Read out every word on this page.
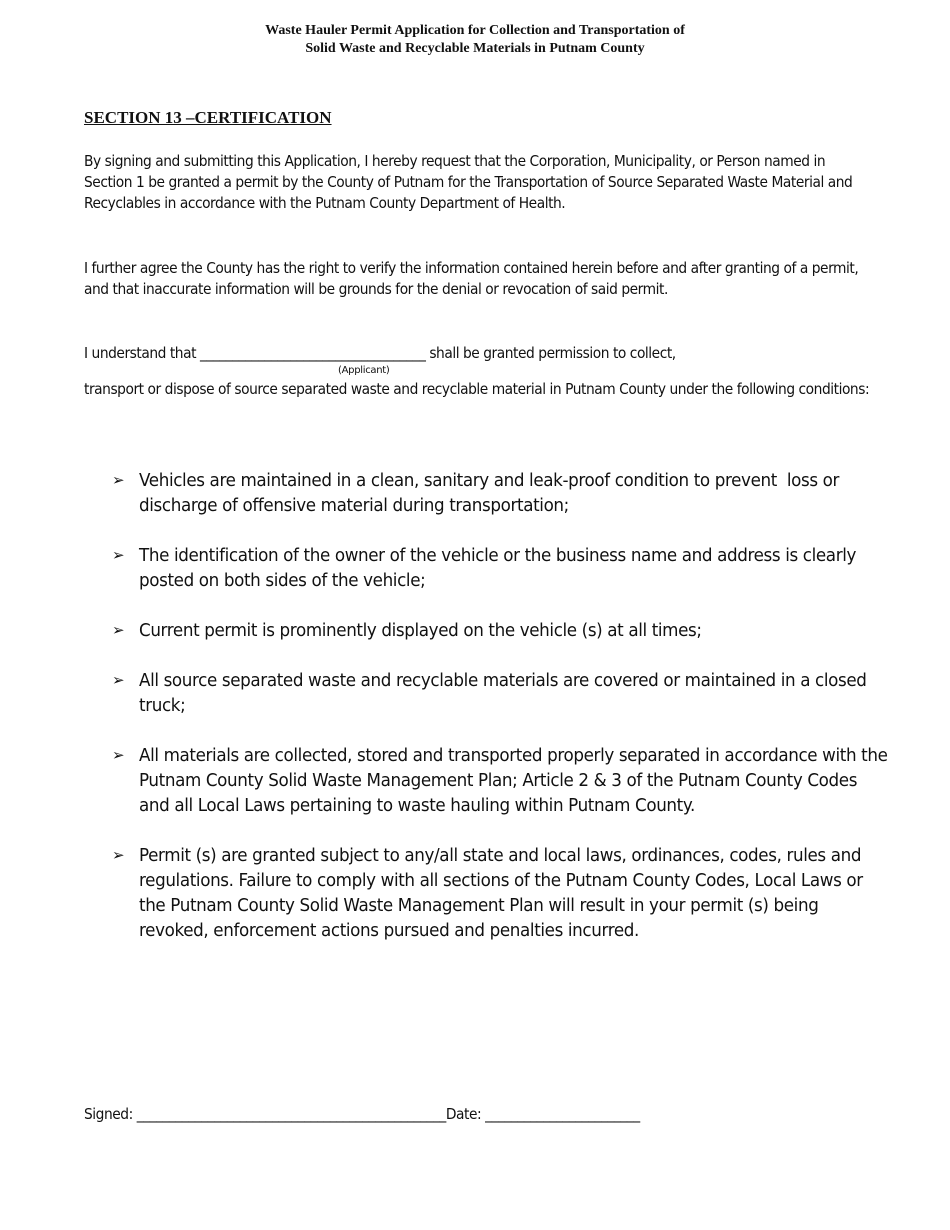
Waste Hauler Permit Application for Collection and Transportation of
Solid Waste and Recyclable Materials in Putnam County
SECTION 13 –CERTIFICATION
By signing and submitting this Application, I hereby request that the Corporation, Municipality, or Person named in Section 1 be granted a permit by the County of Putnam for the Transportation of Source Separated Waste Material and Recyclables in accordance with the Putnam County Department of Health.
I further agree the County has the right to verify the information contained herein before and after granting of a permit, and that inaccurate information will be grounds for the denial or revocation of said permit.
I understand that ___________________________________ shall be granted permission to collect,
(Applicant)
transport or dispose of source separated waste and recyclable material in Putnam County under the following conditions:
➢ Vehicles are maintained in a clean, sanitary and leak-proof condition to prevent  loss or discharge of offensive material during transportation;
➢ The identification of the owner of the vehicle or the business name and address is clearly posted on both sides of the vehicle;
➢ Current permit is prominently displayed on the vehicle (s) at all times;
➢ All source separated waste and recyclable materials are covered or maintained in a closed truck;
➢ All materials are collected, stored and transported properly separated in accordance with the Putnam County Solid Waste Management Plan; Article 2 & 3 of the Putnam County Codes and all Local Laws pertaining to waste hauling within Putnam County.
➢ Permit (s) are granted subject to any/all state and local laws, ordinances, codes, rules and regulations. Failure to comply with all sections of the Putnam County Codes, Local Laws or the Putnam County Solid Waste Management Plan will result in your permit (s) being revoked, enforcement actions pursued and penalties incurred.
Signed: ________________________________________________Date: ________________________
